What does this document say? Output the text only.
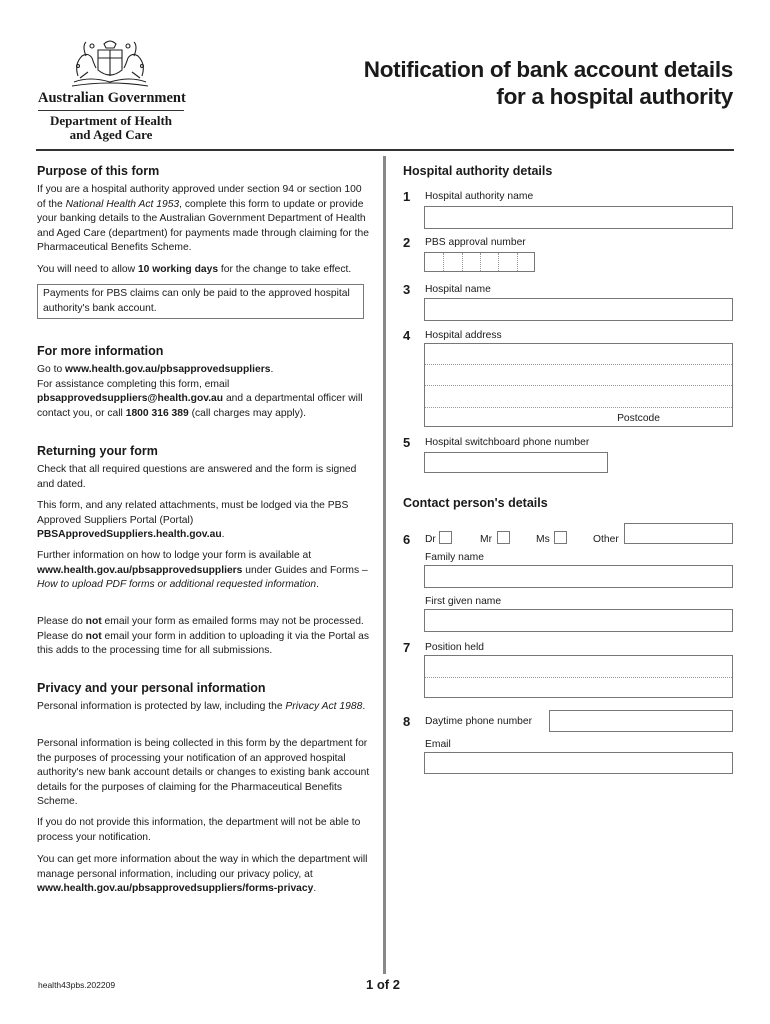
Australian Government
Department of Health
and Aged Care
Notification of bank account details
for a hospital authority
Purpose of this form
If you are a hospital authority approved under section 94 or section 100 of the National Health Act 1953, complete this form to update or provide your banking details to the Australian Government Department of Health and Aged Care (department) for payments made through claiming for the Pharmaceutical Benefits Scheme.
You will need to allow 10 working days for the change to take effect.
Payments for PBS claims can only be paid to the approved hospital authority's bank account.
For more information
Go to www.health.gov.au/pbsapprovedsuppliers.
For assistance completing this form, email pbsapprovedsuppliers@health.gov.au and a departmental officer will contact you, or call 1800 316 389 (call charges may apply).
Returning your form
Check that all required questions are answered and the form is signed and dated.
This form, and any related attachments, must be lodged via the PBS Approved Suppliers Portal (Portal) PBSApprovedSuppliers.health.gov.au.
Further information on how to lodge your form is available at www.health.gov.au/pbsapprovedsuppliers under Guides and Forms – How to upload PDF forms or additional requested information.
Please do not email your form as emailed forms may not be processed. Please do not email your form in addition to uploading it via the Portal as this adds to the processing time for all submissions.
Privacy and your personal information
Personal information is protected by law, including the Privacy Act 1988.
Personal information is being collected in this form by the department for the purposes of processing your notification of an approved hospital authority's new bank account details or changes to existing bank account details for the purposes of claiming for the Pharmaceutical Benefits Scheme.
If you do not provide this information, the department will not be able to process your notification.
You can get more information about the way in which the department will manage personal information, including our privacy policy, at www.health.gov.au/pbsapprovedsuppliers/forms-privacy.
Hospital authority details
1 Hospital authority name
2 PBS approval number
3 Hospital name
4 Hospital address
Postcode
5 Hospital switchboard phone number
Contact person's details
6 Dr	Mr	Ms	Other
Family name
First given name
7 Position held
8 Daytime phone number
Email
health43pbs.202209	1 of 2
